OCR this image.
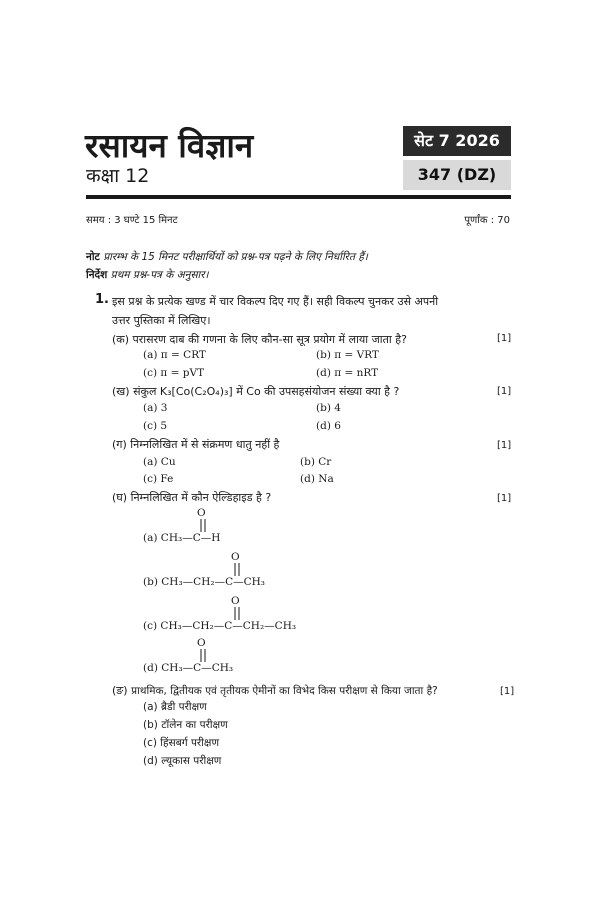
रसायन विज्ञान
कक्षा 12
सेट 7 2026
347 (DZ)
समय : 3 घण्टे 15 मिनट	पूर्णांक : 70
नोट प्रारम्भ के 15 मिनट परीक्षार्थियों को प्रश्न-पत्र पढ़ने के लिए निर्धारित हैं।
निर्देश प्रथम प्रश्न-पत्र के अनुसार।
1. इस प्रश्न के प्रत्येक खण्ड में चार विकल्प दिए गए हैं। सही विकल्प चुनकर उसे अपनी
उत्तर पुस्तिका में लिखिए।
(क) परासरण दाब की गणना के लिए कौन-सा सूत्र प्रयोग में लाया जाता है?	[1]
(a) π = CRT	(b) π = VRT
(c) π = pVT	(d) π = nRT
(ख) संकुल K₃[Co(C₂O₄)₃] में Co की उपसहसंयोजन संख्या क्या है ?	[1]
(a) 3	(b) 4
(c) 5	(d) 6
(ग) निम्नलिखित में से संक्रमण धातु नहीं है	[1]
(a) Cu	(b) Cr
(c) Fe	(d) Na
(घ) निम्नलिखित में कौन ऐल्डिहाइड है ?	[1]
O
(a) CH₃—C—H
O
(b) CH₃—CH₂—C—CH₃
O
(c) CH₃—CH₂—C—CH₂—CH₃
O
(d) CH₃—C—CH₃
(ङ) प्राथमिक, द्वितीयक एवं तृतीयक ऐमीनों का विभेद किस परीक्षण से किया जाता है?	[1]
(a) ब्रैडी परीक्षण
(b) टॉलेन का परीक्षण
(c) हिंसबर्ग परीक्षण
(d) ल्यूकास परीक्षण
